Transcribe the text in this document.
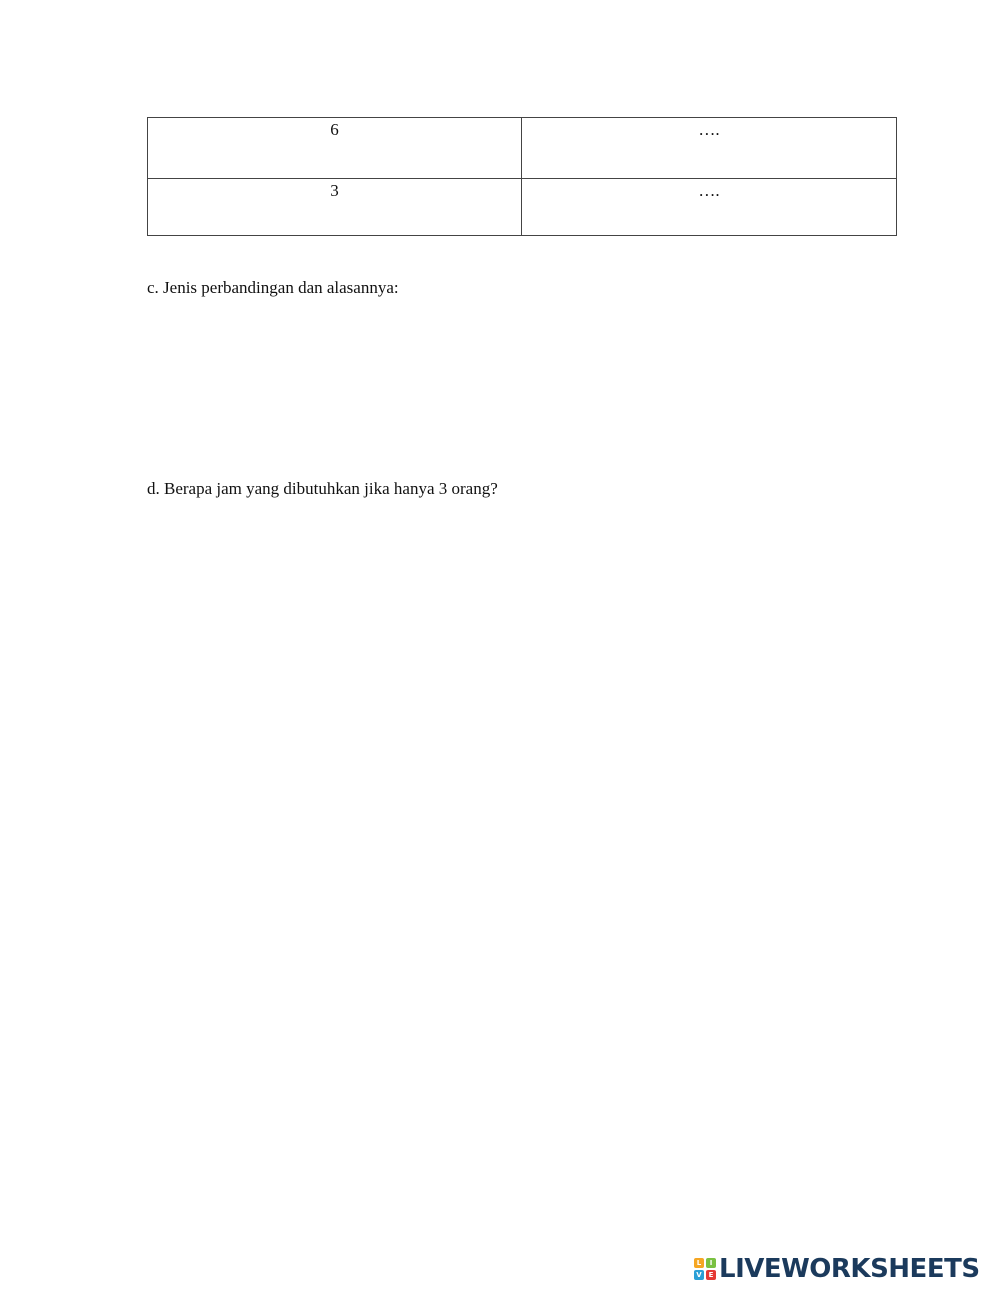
6	….
3	….

c. Jenis perbandingan dan alasannya:

d. Berapa jam yang dibutuhkan jika hanya 3 orang?

L	I
V E LIVEWORKSHEETS
